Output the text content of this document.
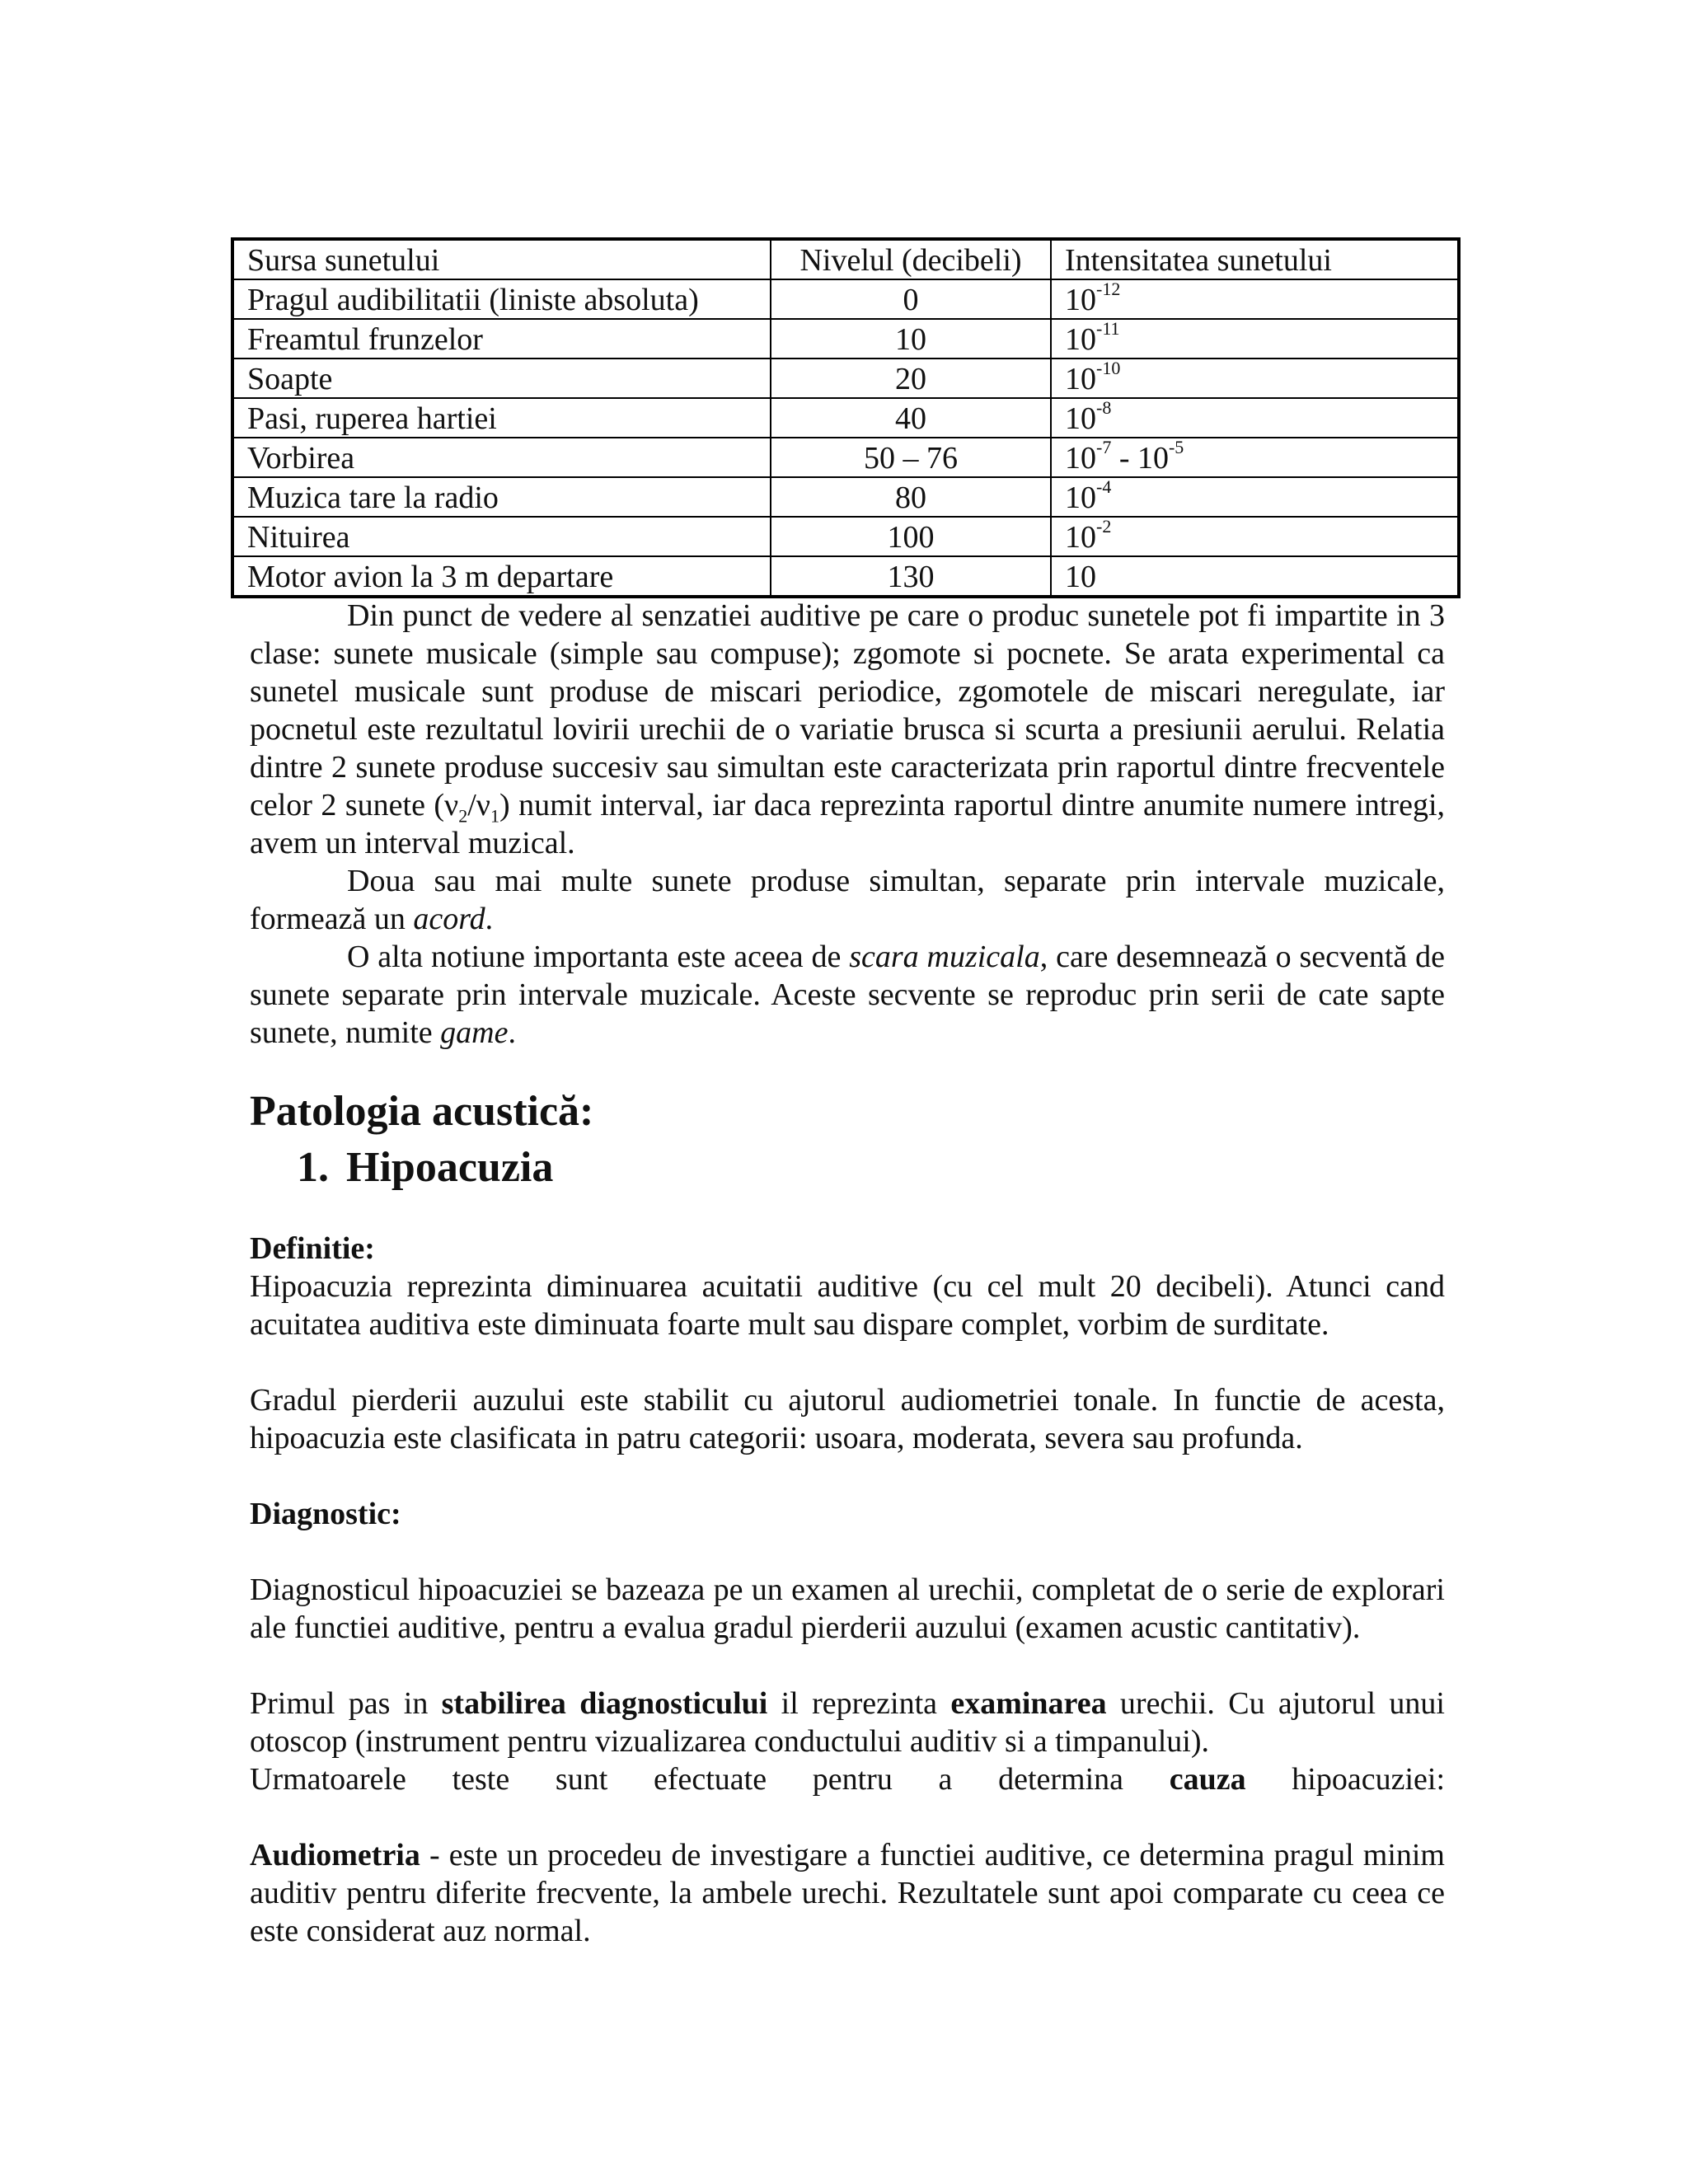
Sursa sunetului	Nivelul (decibeli)	Intensitatea sunetului
Pragul audibilitatii (liniste absoluta)	0	$10^{-12}$
Freamtul frunzelor	10	$10^{-11}$
Soapte	20	$10^{-10}$
Pasi, ruperea hartiei	40	$10^{-8}$
Vorbirea	50 – 76	$10^{-7} - 10^{-5}$
Muzica tare la radio	80	$10^{-4}$
Nituirea	100	$10^{-2}$
Motor avion la 3 m departare	130	10

Din punct de vedere al senzatiei auditive pe care o produc sunetele pot fi impartite in 3 clase: sunete musicale (simple sau compuse); zgomote si pocnete. Se arata experimental ca sunetel musicale sunt produse de miscari periodice, zgomotele de miscari neregulate, iar pocnetul este rezultatul lovirii urechii de o variatie brusca si scurta a presiunii aerului. Relatia dintre 2 sunete produse succesiv sau simultan este caracterizata prin raportul dintre frecventele celor 2 sunete $(\nu_2/\nu_1)$ numit interval, iar daca reprezinta raportul dintre anumite numere intregi, avem un interval muzical.

Doua sau mai multe sunete produse simultan, separate prin intervale muzicale, formează un acord.

O alta notiune importanta este aceea de scara muzicala, care desemnează o secventă de sunete separate prin intervale muzicale. Aceste secvente se reproduc prin serii de cate sapte sunete, numite game.

Patologia acustică:
1. Hipoacuzia

Definitie:

Hipoacuzia reprezinta diminuarea acuitatii auditive (cu cel mult 20 decibeli). Atunci cand acuitatea auditiva este diminuata foarte mult sau dispare complet, vorbim de surditate.

Gradul pierderii auzului este stabilit cu ajutorul audiometriei tonale. In functie de acesta, hipoacuzia este clasificata in patru categorii: usoara, moderata, severa sau profunda.

Diagnostic:

Diagnosticul hipoacuziei se bazeaza pe un examen al urechii, completat de o serie de explorari ale functiei auditive, pentru a evalua gradul pierderii auzului (examen acustic cantitativ).

Primul pas in stabilirea diagnosticului il reprezinta examinarea urechii. Cu ajutorul unui otoscop (instrument pentru vizualizarea conductului auditiv si a timpanului).

Urmatoarele teste sunt efectuate pentru a determina cauza hipoacuziei:

Audiometria - este un procedeu de investigare a functiei auditive, ce determina pragul minim auditiv pentru diferite frecvente, la ambele urechi. Rezultatele sunt apoi comparate cu ceea ce este considerat auz normal.
